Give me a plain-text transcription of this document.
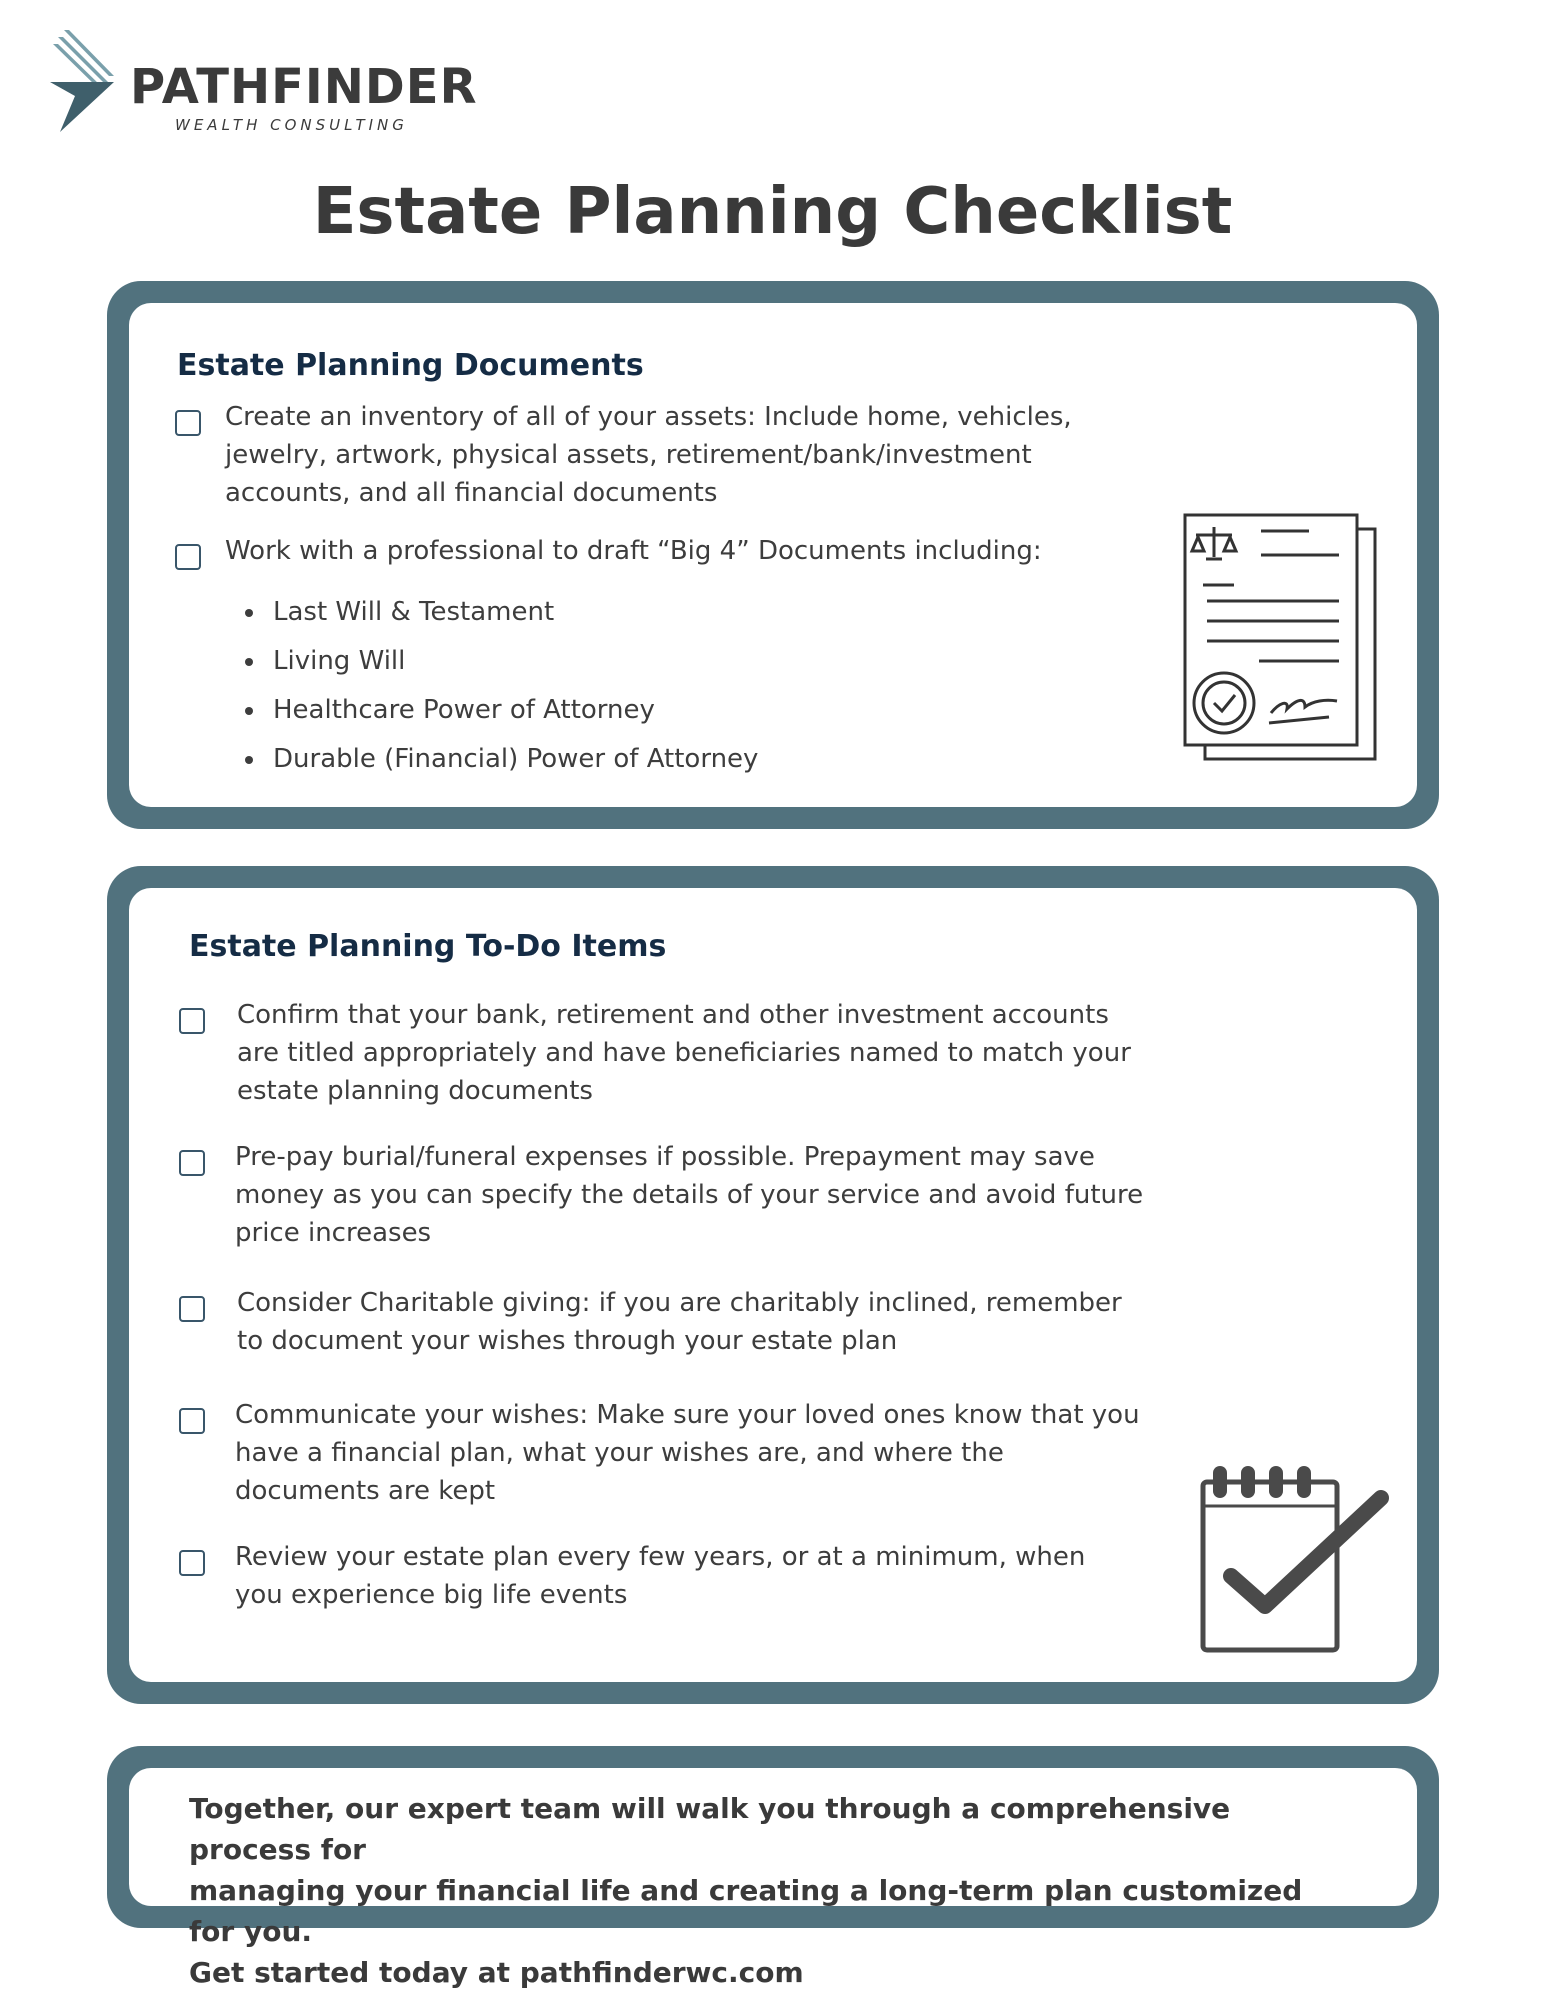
PATHFINDER

WEALTH CONSULTING

Estate Planning Checklist
Estate Planning Documents

Create an inventory of all of your assets: Include home, vehicles,
jewelry, artwork, physical assets, retirement/bank/investment
accounts, and all financial documents

Work with a professional to draft “Big 4” Documents including:

Last Will & Testament
Living Will
Healthcare Power of Attorney
Durable (Financial) Power of Attorney
Estate Planning To-Do Items

Confirm that your bank, retirement and other investment accounts
are titled appropriately and have beneficiaries named to match your
estate planning documents

Pre-pay burial/funeral expenses if possible. Prepayment may save
money as you can specify the details of your service and avoid future
price increases

Consider Charitable giving: if you are charitably inclined, remember
to document your wishes through your estate plan

Communicate your wishes: Make sure your loved ones know that you
have a financial plan, what your wishes are, and where the
documents are kept

Review your estate plan every few years, or at a minimum, when
you experience big life events

Together, our expert team will walk you through a comprehensive process for
managing your financial life and creating a long-term plan customized for you.
Get started today at pathfinderwc.com
